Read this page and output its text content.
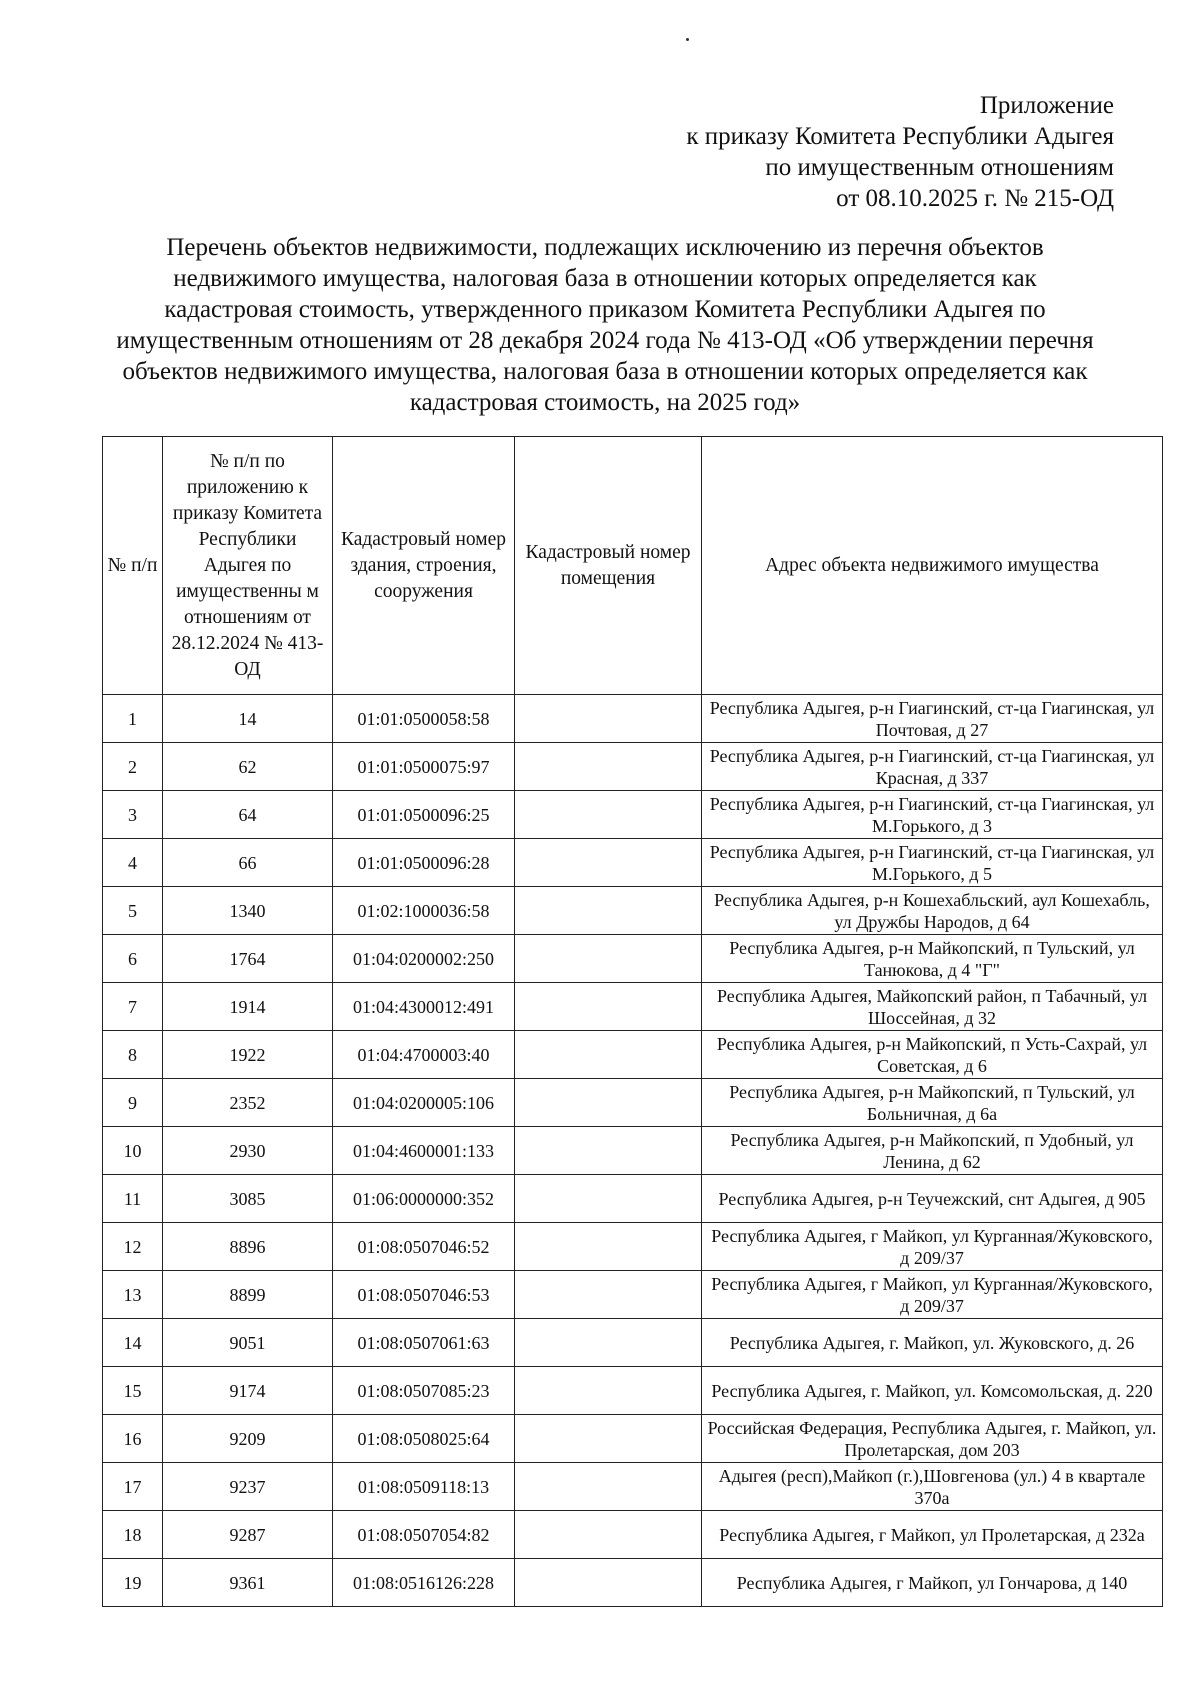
Приложение
к приказу Комитета Республики Адыгея
по имущественным отношениям
от 08.10.2025 г. № 215-ОД
Перечень объектов недвижимости, подлежащих исключению из перечня объектов
недвижимого имущества, налоговая база в отношении которых определяется как
кадастровая стоимость, утвержденного приказом Комитета Республики Адыгея по
имущественным отношениям от 28 декабря 2024 года № 413-ОД «Об утверждении перечня
объектов недвижимого имущества, налоговая база в отношении которых определяется как
кадастровая стоимость, на 2025 год»
№ п/п	№ п/п по приложению к приказу Комитета Республики Адыгея по имущественны м отношениям от 28.12.2024 № 413-ОД	Кадастровый номер здания, строения, сооружения	Кадастровый номер помещения	Адрес объекта недвижимого имущества
1	14	01:01:0500058:58		Республика Адыгея, р-н Гиагинский, ст-ца Гиагинская, ул Почтовая, д 27
2	62	01:01:0500075:97		Республика Адыгея, р-н Гиагинский, ст-ца Гиагинская, ул Красная, д 337
3	64	01:01:0500096:25		Республика Адыгея, р-н Гиагинский, ст-ца Гиагинская, ул М.Горького, д 3
4	66	01:01:0500096:28		Республика Адыгея, р-н Гиагинский, ст-ца Гиагинская, ул М.Горького, д 5
5	1340	01:02:1000036:58		Республика Адыгея, р-н Кошехабльский, аул Кошехабль, ул Дружбы Народов, д 64
6	1764	01:04:0200002:250		Республика Адыгея, р-н Майкопский, п Тульский, ул Танюкова, д 4 "Г"
7	1914	01:04:4300012:491		Республика Адыгея, Майкопский район, п Табачный, ул Шоссейная, д 32
8	1922	01:04:4700003:40		Республика Адыгея, р-н Майкопский, п Усть-Сахрай, ул Советская, д 6
9	2352	01:04:0200005:106		Республика Адыгея, р-н Майкопский, п Тульский, ул Больничная, д 6а
10	2930	01:04:4600001:133		Республика Адыгея, р-н Майкопский, п Удобный, ул Ленина, д 62
11	3085	01:06:0000000:352		Республика Адыгея, р-н Теучежский, снт Адыгея, д 905
12	8896	01:08:0507046:52		Республика Адыгея, г Майкоп, ул Курганная/Жуковского, д 209/37
13	8899	01:08:0507046:53		Республика Адыгея, г Майкоп, ул Курганная/Жуковского, д 209/37
14	9051	01:08:0507061:63		Республика Адыгея, г. Майкоп, ул. Жуковского, д. 26
15	9174	01:08:0507085:23		Республика Адыгея, г. Майкоп, ул. Комсомольская, д. 220
16	9209	01:08:0508025:64		Российская Федерация, Республика Адыгея, г. Майкоп, ул. Пролетарская, дом 203
17	9237	01:08:0509118:13		Адыгея (респ),Майкоп (г.),Шовгенова (ул.) 4 в квартале 370а
18	9287	01:08:0507054:82		Республика Адыгея, г Майкоп, ул Пролетарская, д 232а
19	9361	01:08:0516126:228		Республика Адыгея, г Майкоп, ул Гончарова, д 140
